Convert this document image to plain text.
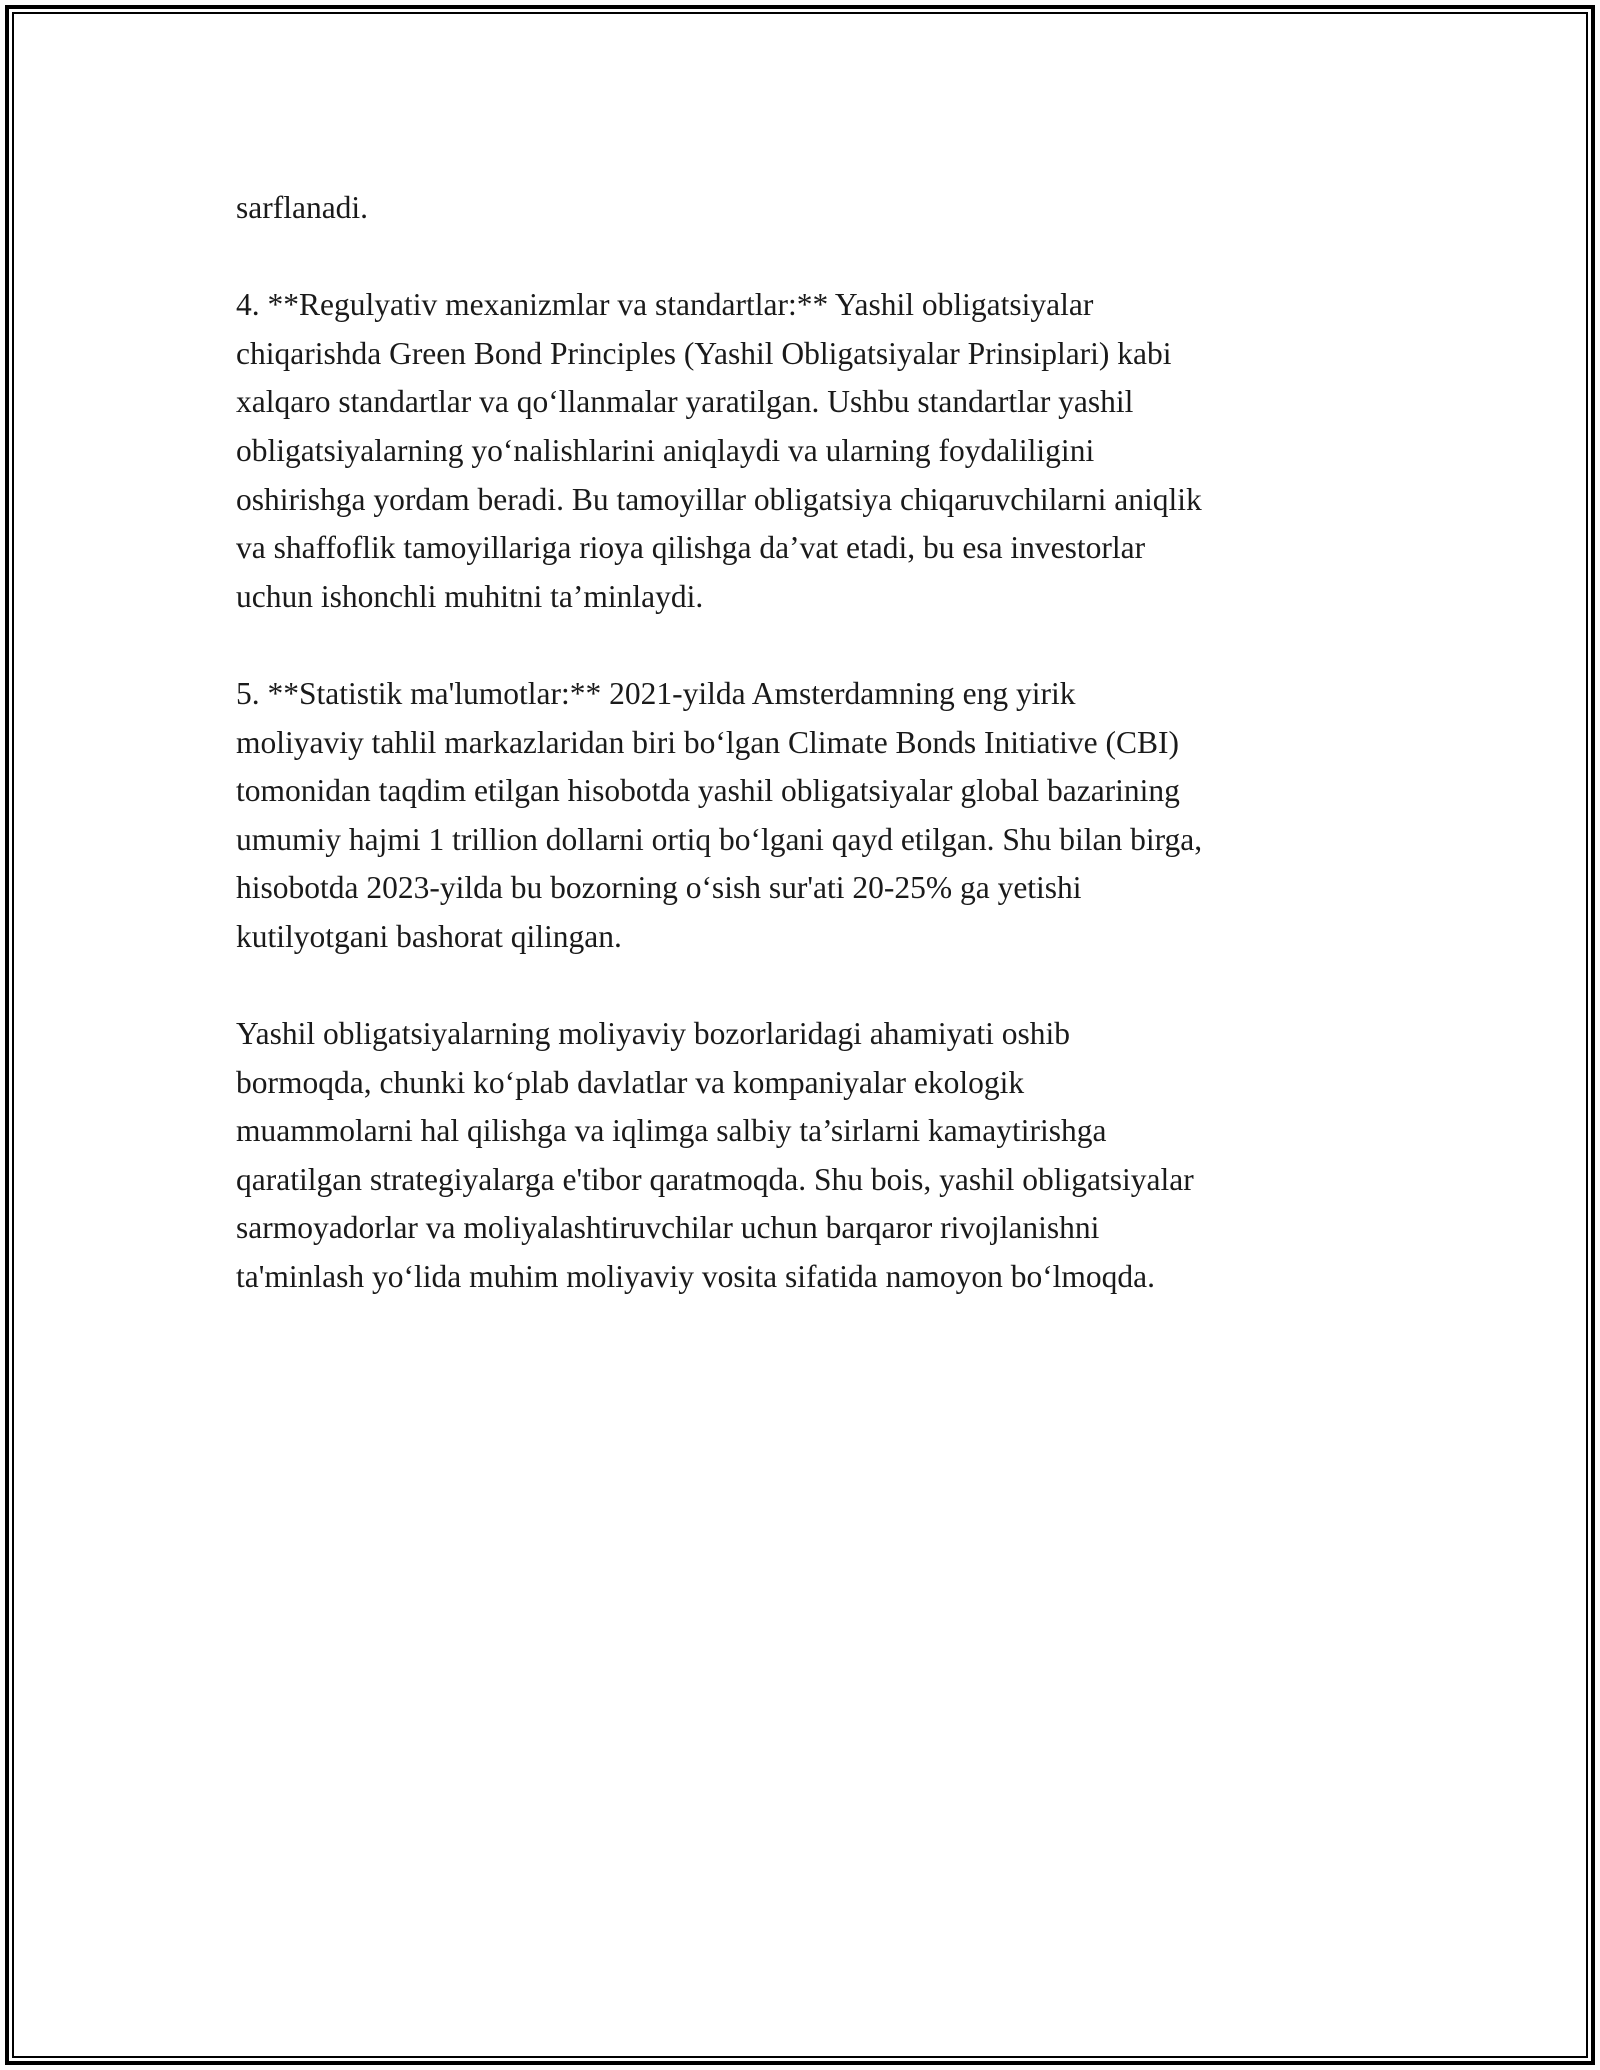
sarflanadi.
4. **Regulyativ mexanizmlar va standartlar:** Yashil obligatsiyalar
chiqarishda Green Bond Principles (Yashil Obligatsiyalar Prinsiplari) kabi
xalqaro standartlar va qoʻllanmalar yaratilgan. Ushbu standartlar yashil
obligatsiyalarning yoʻnalishlarini aniqlaydi va ularning foydaliligini
oshirishga yordam beradi. Bu tamoyillar obligatsiya chiqaruvchilarni aniqlik
va shaffoflik tamoyillariga rioya qilishga da’vat etadi, bu esa investorlar
uchun ishonchli muhitni ta’minlaydi.
5. **Statistik ma'lumotlar:** 2021-yilda Amsterdamning eng yirik
moliyaviy tahlil markazlaridan biri boʻlgan Climate Bonds Initiative (CBI)
tomonidan taqdim etilgan hisobotda yashil obligatsiyalar global bazarining
umumiy hajmi 1 trillion dollarni ortiq boʻlgani qayd etilgan. Shu bilan birga,
hisobotda 2023-yilda bu bozorning oʻsish sur'ati 20-25% ga yetishi
kutilyotgani bashorat qilingan.
Yashil obligatsiyalarning moliyaviy bozorlaridagi ahamiyati oshib
bormoqda, chunki koʻplab davlatlar va kompaniyalar ekologik
muammolarni hal qilishga va iqlimga salbiy ta’sirlarni kamaytirishga
qaratilgan strategiyalarga e'tibor qaratmoqda. Shu bois, yashil obligatsiyalar
sarmoyadorlar va moliyalashtiruvchilar uchun barqaror rivojlanishni
ta'minlash yoʻlida muhim moliyaviy vosita sifatida namoyon boʻlmoqda.
